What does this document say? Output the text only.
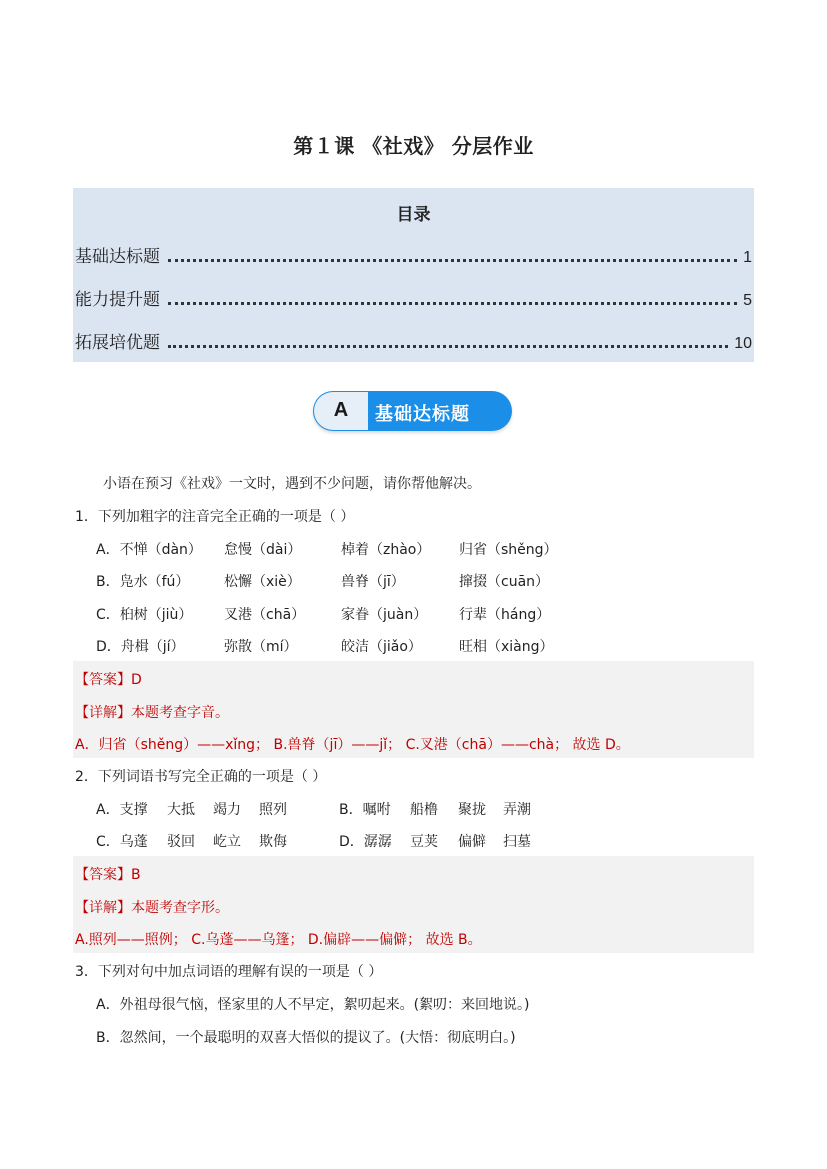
第１课 《社戏》 分层作业
目录
基础达标题	1
能力提升题	5
拓展培优题	10
A	基础达标题
小语在预习《社戏》一文时，遇到不少问题，请你帮他解决。
1．下列加粗字的注音完全正确的一项是（ ）
A．不惮（dàn） 怠慢（dài）	棹着（zhào） 归省（shěng）
B．凫水（fú） 松懈（xiè）	兽脊（jī）	撺掇（cuān）
C．桕树（jiù） 叉港（chā）	家眷（juàn） 行辈（háng）
D．舟楫（jí）	弥散（mí）	皎洁（jiǎo）	旺相（xiàng）
【答案】D
【详解】本题考查字音。
A．归省（shěng）——xǐng； B.兽脊（jī）——jǐ； C.叉港（chā）——chà； 故选 D。
2．下列词语书写完全正确的一项是（ ）
A．支撑 大抵 竭力 照列	B．嘱咐 船橹 聚拢 弄潮
C．乌蓬 驳回 屹立 欺侮	D．潺潺 豆荚 偏僻 扫墓
【答案】B
【详解】本题考查字形。
A.照列——照例； C.乌蓬——乌篷； D.偏辟——偏僻； 故选 B。
3．下列对句中加点词语的理解有误的一项是（ ）
A．外祖母很气恼，怪家里的人不早定，絮叨起来。(絮叨：来回地说。)
B．忽然间，一个最聪明的双喜大悟似的提议了。(大悟：彻底明白。)
